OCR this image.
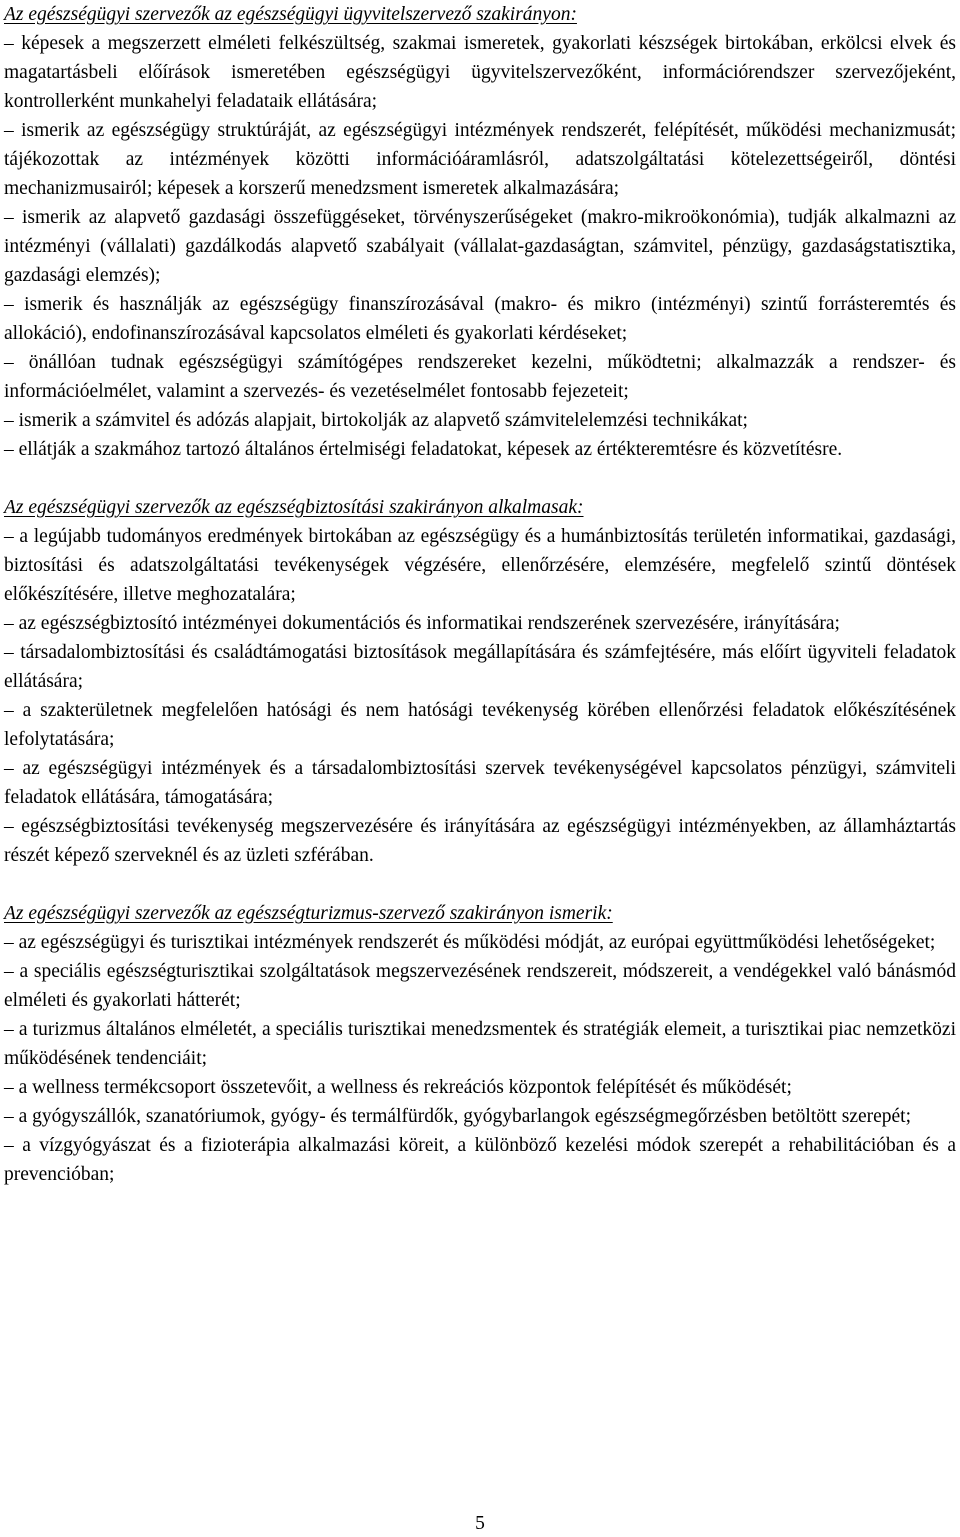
Az egészségügyi szervezők az egészségügyi ügyvitelszervező szakirányon:

– képesek a megszerzett elméleti felkészültség, szakmai ismeretek, gyakorlati készségek birtokában, erkölcsi elvek és magatartásbeli előírások ismeretében egészségügyi ügyvitelszervezőként, információrendszer szervezőjeként, kontrollerként munkahelyi feladataik ellátására;

– ismerik az egészségügy struktúráját, az egészségügyi intézmények rendszerét, felépítését, működési mechanizmusát; tájékozottak az intézmények közötti információáramlásról, adatszolgáltatási kötelezettségeiről, döntési mechanizmusairól; képesek a korszerű menedzsment ismeretek alkalmazására;

– ismerik az alapvető gazdasági összefüggéseket, törvényszerűségeket (makro-mikroökonómia), tudják alkalmazni az intézményi (vállalati) gazdálkodás alapvető szabályait (vállalat-gazdaságtan, számvitel, pénzügy, gazdaságstatisztika, gazdasági elemzés);

– ismerik és használják az egészségügy finanszírozásával (makro- és mikro (intézményi) szintű forrásteremtés és allokáció), endofinanszírozásával kapcsolatos elméleti és gyakorlati kérdéseket;

– önállóan tudnak egészségügyi számítógépes rendszereket kezelni, működtetni; alkalmazzák a rendszer- és információelmélet, valamint a szervezés- és vezetéselmélet fontosabb fejezeteit;

– ismerik a számvitel és adózás alapjait, birtokolják az alapvető számvitelelemzési technikákat;

– ellátják a szakmához tartozó általános értelmiségi feladatokat, képesek az értékteremtésre és közvetítésre.

Az egészségügyi szervezők az egészségbiztosítási szakirányon alkalmasak:

– a legújabb tudományos eredmények birtokában az egészségügy és a humánbiztosítás területén informatikai, gazdasági, biztosítási és adatszolgáltatási tevékenységek végzésére, ellenőrzésére, elemzésére, megfelelő szintű döntések előkészítésére, illetve meghozatalára;

– az egészségbiztosító intézményei dokumentációs és informatikai rendszerének szervezésére, irányítására;

– társadalombiztosítási és családtámogatási biztosítások megállapítására és számfejtésére, más előírt ügyviteli feladatok ellátására;

– a szakterületnek megfelelően hatósági és nem hatósági tevékenység körében ellenőrzési feladatok előkészítésének lefolytatására;

– az egészségügyi intézmények és a társadalombiztosítási szervek tevékenységével kapcsolatos pénzügyi, számviteli feladatok ellátására, támogatására;

– egészségbiztosítási tevékenység megszervezésére és irányítására az egészségügyi intézményekben, az államháztartás részét képező szerveknél és az üzleti szférában.

Az egészségügyi szervezők az egészségturizmus-szervező szakirányon ismerik:

– az egészségügyi és turisztikai intézmények rendszerét és működési módját, az európai együttműködési lehetőségeket;

– a speciális egészségturisztikai szolgáltatások megszervezésének rendszereit, módszereit, a vendégekkel való bánásmód elméleti és gyakorlati hátterét;

– a turizmus általános elméletét, a speciális turisztikai menedzsmentek és stratégiák elemeit, a turisztikai piac nemzetközi működésének tendenciáit;

– a wellness termékcsoport összetevőit, a wellness és rekreációs központok felépítését és működését;

– a gyógyszállók, szanatóriumok, gyógy- és termálfürdők, gyógybarlangok egészségmegőrzésben betöltött szerepét;

– a vízgyógyászat és a fizioterápia alkalmazási köreit, a különböző kezelési módok szerepét a rehabilitációban és a prevencióban;

5
